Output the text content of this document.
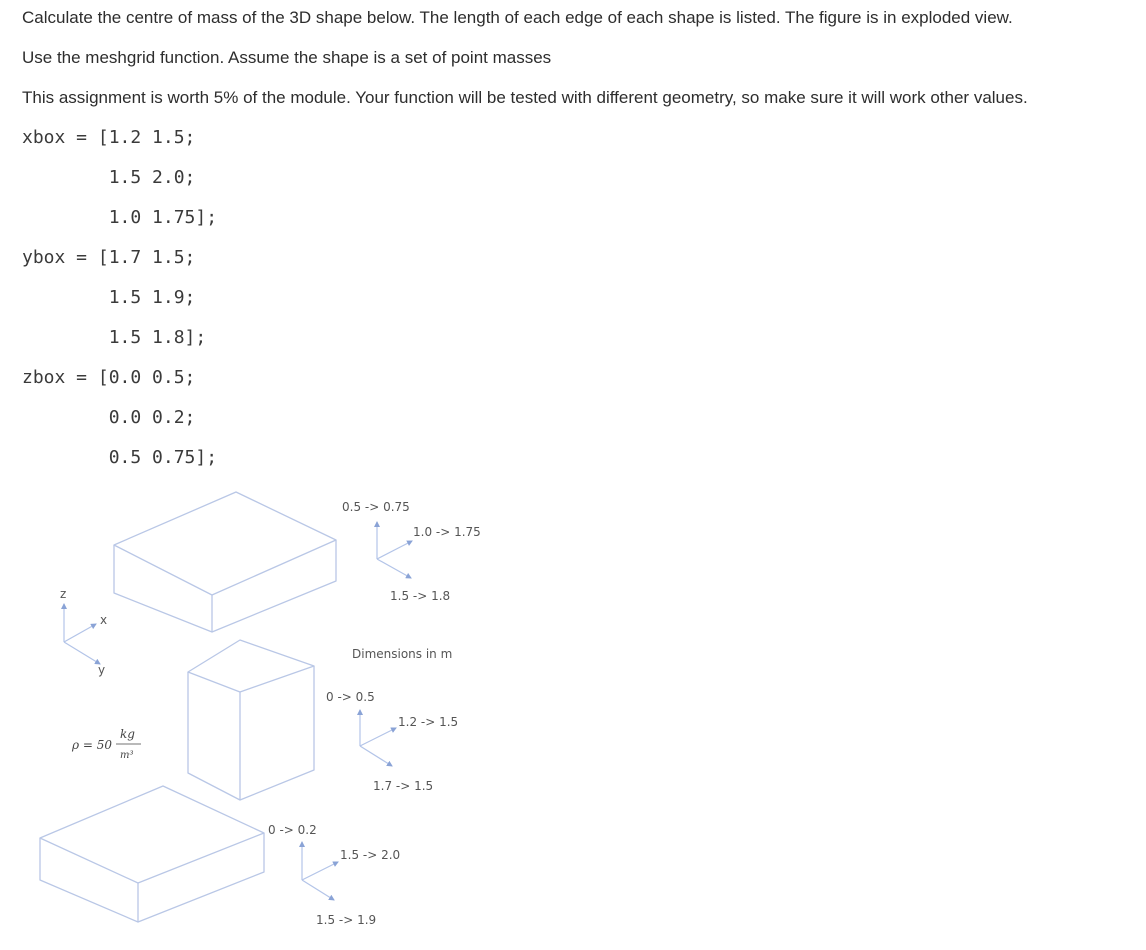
Calculate the centre of mass of the 3D shape below. The length of each edge of each shape is listed. The figure is in exploded view.
Use the meshgrid function. Assume the shape is a set of point masses
This assignment is worth 5% of the module. Your function will be tested with different geometry, so make sure it will work other values.
xbox = [1.2 1.5;
1.5 2.0;
1.0 1.75];
ybox = [1.7 1.5;
1.5 1.9;
1.5 1.8];
zbox = [0.0 0.5;
0.0 0.2;
0.5 0.75];
z
x
y
0.5 -> 0.75
1.0 -> 1.75
1.5 -> 1.8
Dimensions in m
0 -> 0.5
1.2 -> 1.5
1.7 -> 1.5
ρ = 50
kg
m³
0 -> 0.2
1.5 -> 2.0
1.5 -> 1.9
